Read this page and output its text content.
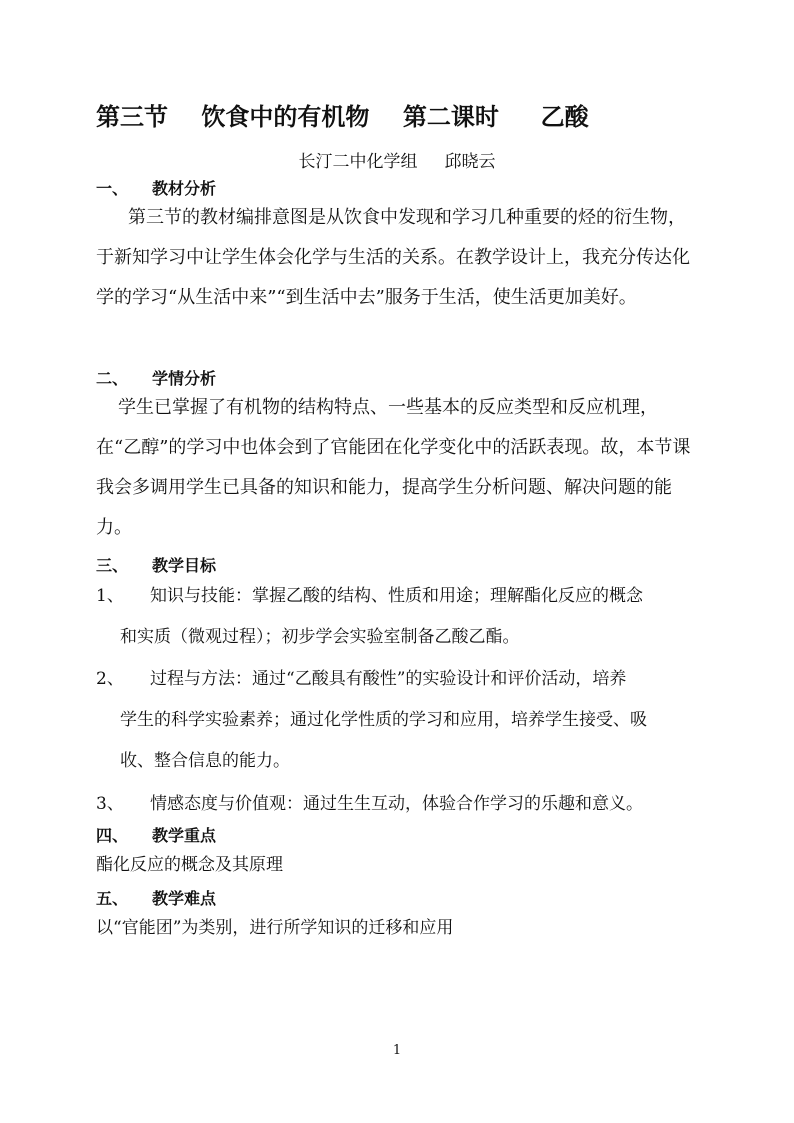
第三节    饮食中的有机物    第二课时     乙酸
长汀二中化学组     邱晓云
一、 教材分析
第三节的教材编排意图是从饮食中发现和学习几种重要的烃的衍生物，于新知学习中让学生体会化学与生活的关系。在教学设计上，我充分传达化学的学习“从生活中来”“到生活中去”服务于生活，使生活更加美好。
二、 学情分析
学生已掌握了有机物的结构特点、一些基本的反应类型和反应机理，在“乙醇”的学习中也体会到了官能团在化学变化中的活跃表现。故，本节课我会多调用学生已具备的知识和能力，提高学生分析问题、解决问题的能力。
三、 教学目标
1、 知识与技能：掌握乙酸的结构、性质和用途；理解酯化反应的概念
和实质（微观过程）；初步学会实验室制备乙酸乙酯。
2、 过程与方法：通过“乙酸具有酸性”的实验设计和评价活动，培养
学生的科学实验素养；通过化学性质的学习和应用，培养学生接受、吸
收、整合信息的能力。
3、 情感态度与价值观：通过生生互动，体验合作学习的乐趣和意义。
四、 教学重点
酯化反应的概念及其原理
五、 教学难点
以“官能团”为类别，进行所学知识的迁移和应用
1
